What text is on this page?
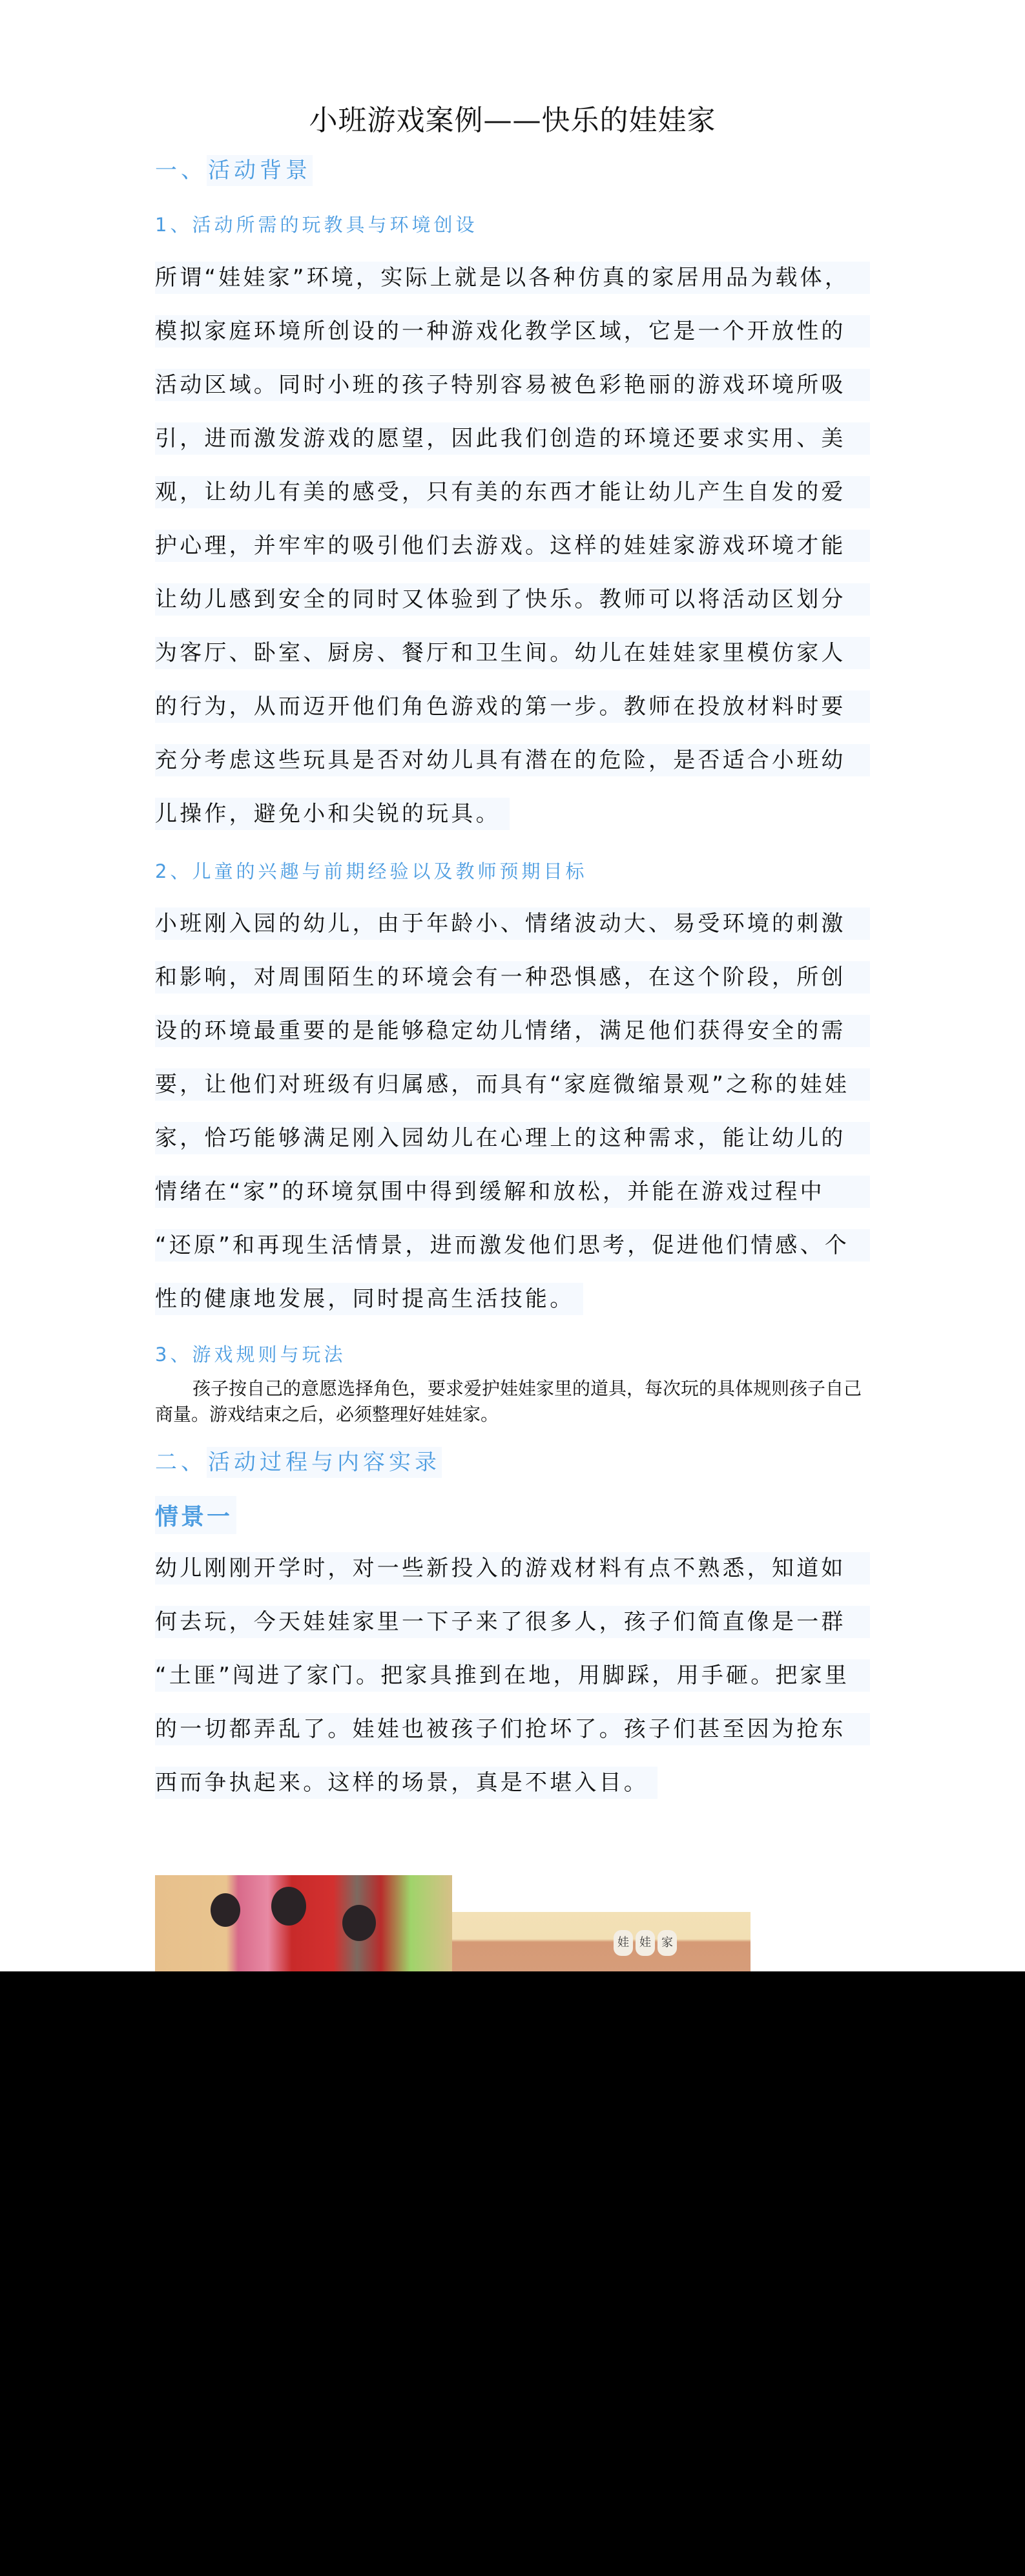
小班游戏案例——快乐的娃娃家
一、活动背景
1、活动所需的玩教具与环境创设
所谓“娃娃家”环境，实际上就是以各种仿真的家居用品为载体，
模拟家庭环境所创设的一种游戏化教学区域，它是一个开放性的
活动区域。同时小班的孩子特别容易被色彩艳丽的游戏环境所吸
引，进而激发游戏的愿望，因此我们创造的环境还要求实用、美
观，让幼儿有美的感受，只有美的东西才能让幼儿产生自发的爱
护心理，并牢牢的吸引他们去游戏。这样的娃娃家游戏环境才能
让幼儿感到安全的同时又体验到了快乐。教师可以将活动区划分
为客厅、卧室、厨房、餐厅和卫生间。幼儿在娃娃家里模仿家人
的行为，从而迈开他们角色游戏的第一步。教师在投放材料时要
充分考虑这些玩具是否对幼儿具有潜在的危险，是否适合小班幼
儿操作，避免小和尖锐的玩具。
2、儿童的兴趣与前期经验以及教师预期目标
小班刚入园的幼儿，由于年龄小、情绪波动大、易受环境的刺激
和影响，对周围陌生的环境会有一种恐惧感，在这个阶段，所创
设的环境最重要的是能够稳定幼儿情绪，满足他们获得安全的需
要，让他们对班级有归属感，而具有“家庭微缩景观”之称的娃娃
家，恰巧能够满足刚入园幼儿在心理上的这种需求，能让幼儿的
情绪在“家”的环境氛围中得到缓解和放松，并能在游戏过程中
“还原”和再现生活情景，进而激发他们思考，促进他们情感、个
性的健康地发展，同时提高生活技能。
3、游戏规则与玩法

孩子按自己的意愿选择角色，要求爱护娃娃家里的道具，每次玩的具体规则孩子自己商量。游戏结束之后，必须整理好娃娃家。

二、活动过程与内容实录
情景一
幼儿刚刚开学时，对一些新投入的游戏材料有点不熟悉，知道如
何去玩，今天娃娃家里一下子来了很多人，孩子们简直像是一群
“土匪”闯进了家门。把家具推到在地，用脚踩，用手砸。把家里
的一切都弄乱了。娃娃也被孩子们抢坏了。孩子们甚至因为抢东
西而争执起来。这样的场景，真是不堪入目。
娃 娃 家
